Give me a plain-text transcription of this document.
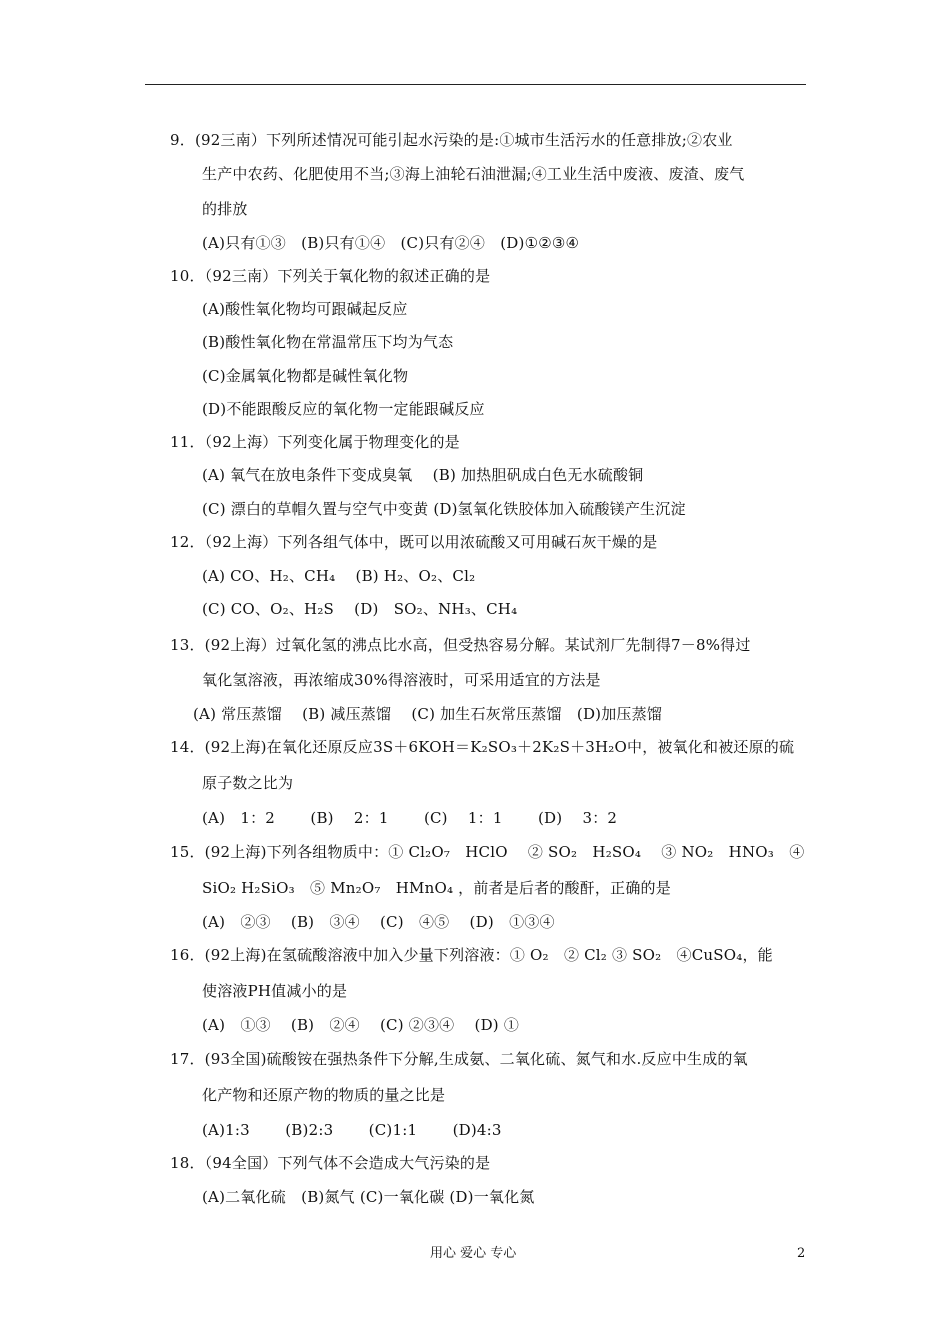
9．(92三南）下列所述情况可能引起水污染的是:①城市生活污水的任意排放;②农业
生产中农药、化肥使用不当;③海上油轮石油泄漏;④工业生活中废液、废渣、废气
的排放
(A)只有①③　(B)只有①④　(C)只有②④　(D)①②③④
10．（92三南）下列关于氧化物的叙述正确的是
(A)酸性氧化物均可跟碱起反应
(B)酸性氧化物在常温常压下均为气态
(C)金属氧化物都是碱性氧化物
(D)不能跟酸反应的氧化物一定能跟碱反应
11．（92上海）下列变化属于物理变化的是
(A) 氧气在放电条件下变成臭氧　 (B) 加热胆矾成白色无水硫酸铜
(C) 漂白的草帽久置与空气中变黄 (D)氢氧化铁胶体加入硫酸镁产生沉淀
12．（92上海）下列各组气体中，既可以用浓硫酸又可用碱石灰干燥的是
(A) CO、H₂、CH₄　 (B) H₂、O₂、Cl₂
(C) CO、O₂、H₂S　 (D)　SO₂、NH₃、CH₄
13．(92上海）过氧化氢的沸点比水高，但受热容易分解。某试剂厂先制得7－8%得过
氧化氢溶液，再浓缩成30%得溶液时，可采用适宜的方法是
(A) 常压蒸馏　 (B) 减压蒸馏　 (C) 加生石灰常压蒸馏　(D)加压蒸馏
14．(92上海)在氧化还原反应3S＋6KOH＝K₂SO₃＋2K₂S＋3H₂O中，被氧化和被还原的硫
原子数之比为
(A)　1：2　　 (B)　 2：1　　 (C)　 1：1　　 (D)　 3：2
15．(92上海)下列各组物质中：① Cl₂O₇　HClO　 ② SO₂　H₂SO₄　 ③ NO₂　HNO₃　④
SiO₂ H₂SiO₃　⑤ Mn₂O₇　HMnO₄ ，前者是后者的酸酐，正确的是
(A)　②③　 (B)　③④　 (C)　④⑤　 (D)　①③④
16．(92上海)在氢硫酸溶液中加入少量下列溶液：① O₂　② Cl₂ ③ SO₂　④CuSO₄，能
使溶液PH值减小的是
(A)　①③　 (B)　②④　 (C) ②③④　 (D) ①
17．(93全国)硫酸铵在强热条件下分解,生成氨、二氧化硫、氮气和水.反应中生成的氧
化产物和还原产物的物质的量之比是
(A)1:3　　 (B)2:3　　 (C)1:1　　 (D)4:3
18．（94全国）下列气体不会造成大气污染的是
(A)二氧化硫　(B)氮气 (C)一氧化碳 (D)一氧化氮
用心 爱心 专心	2
